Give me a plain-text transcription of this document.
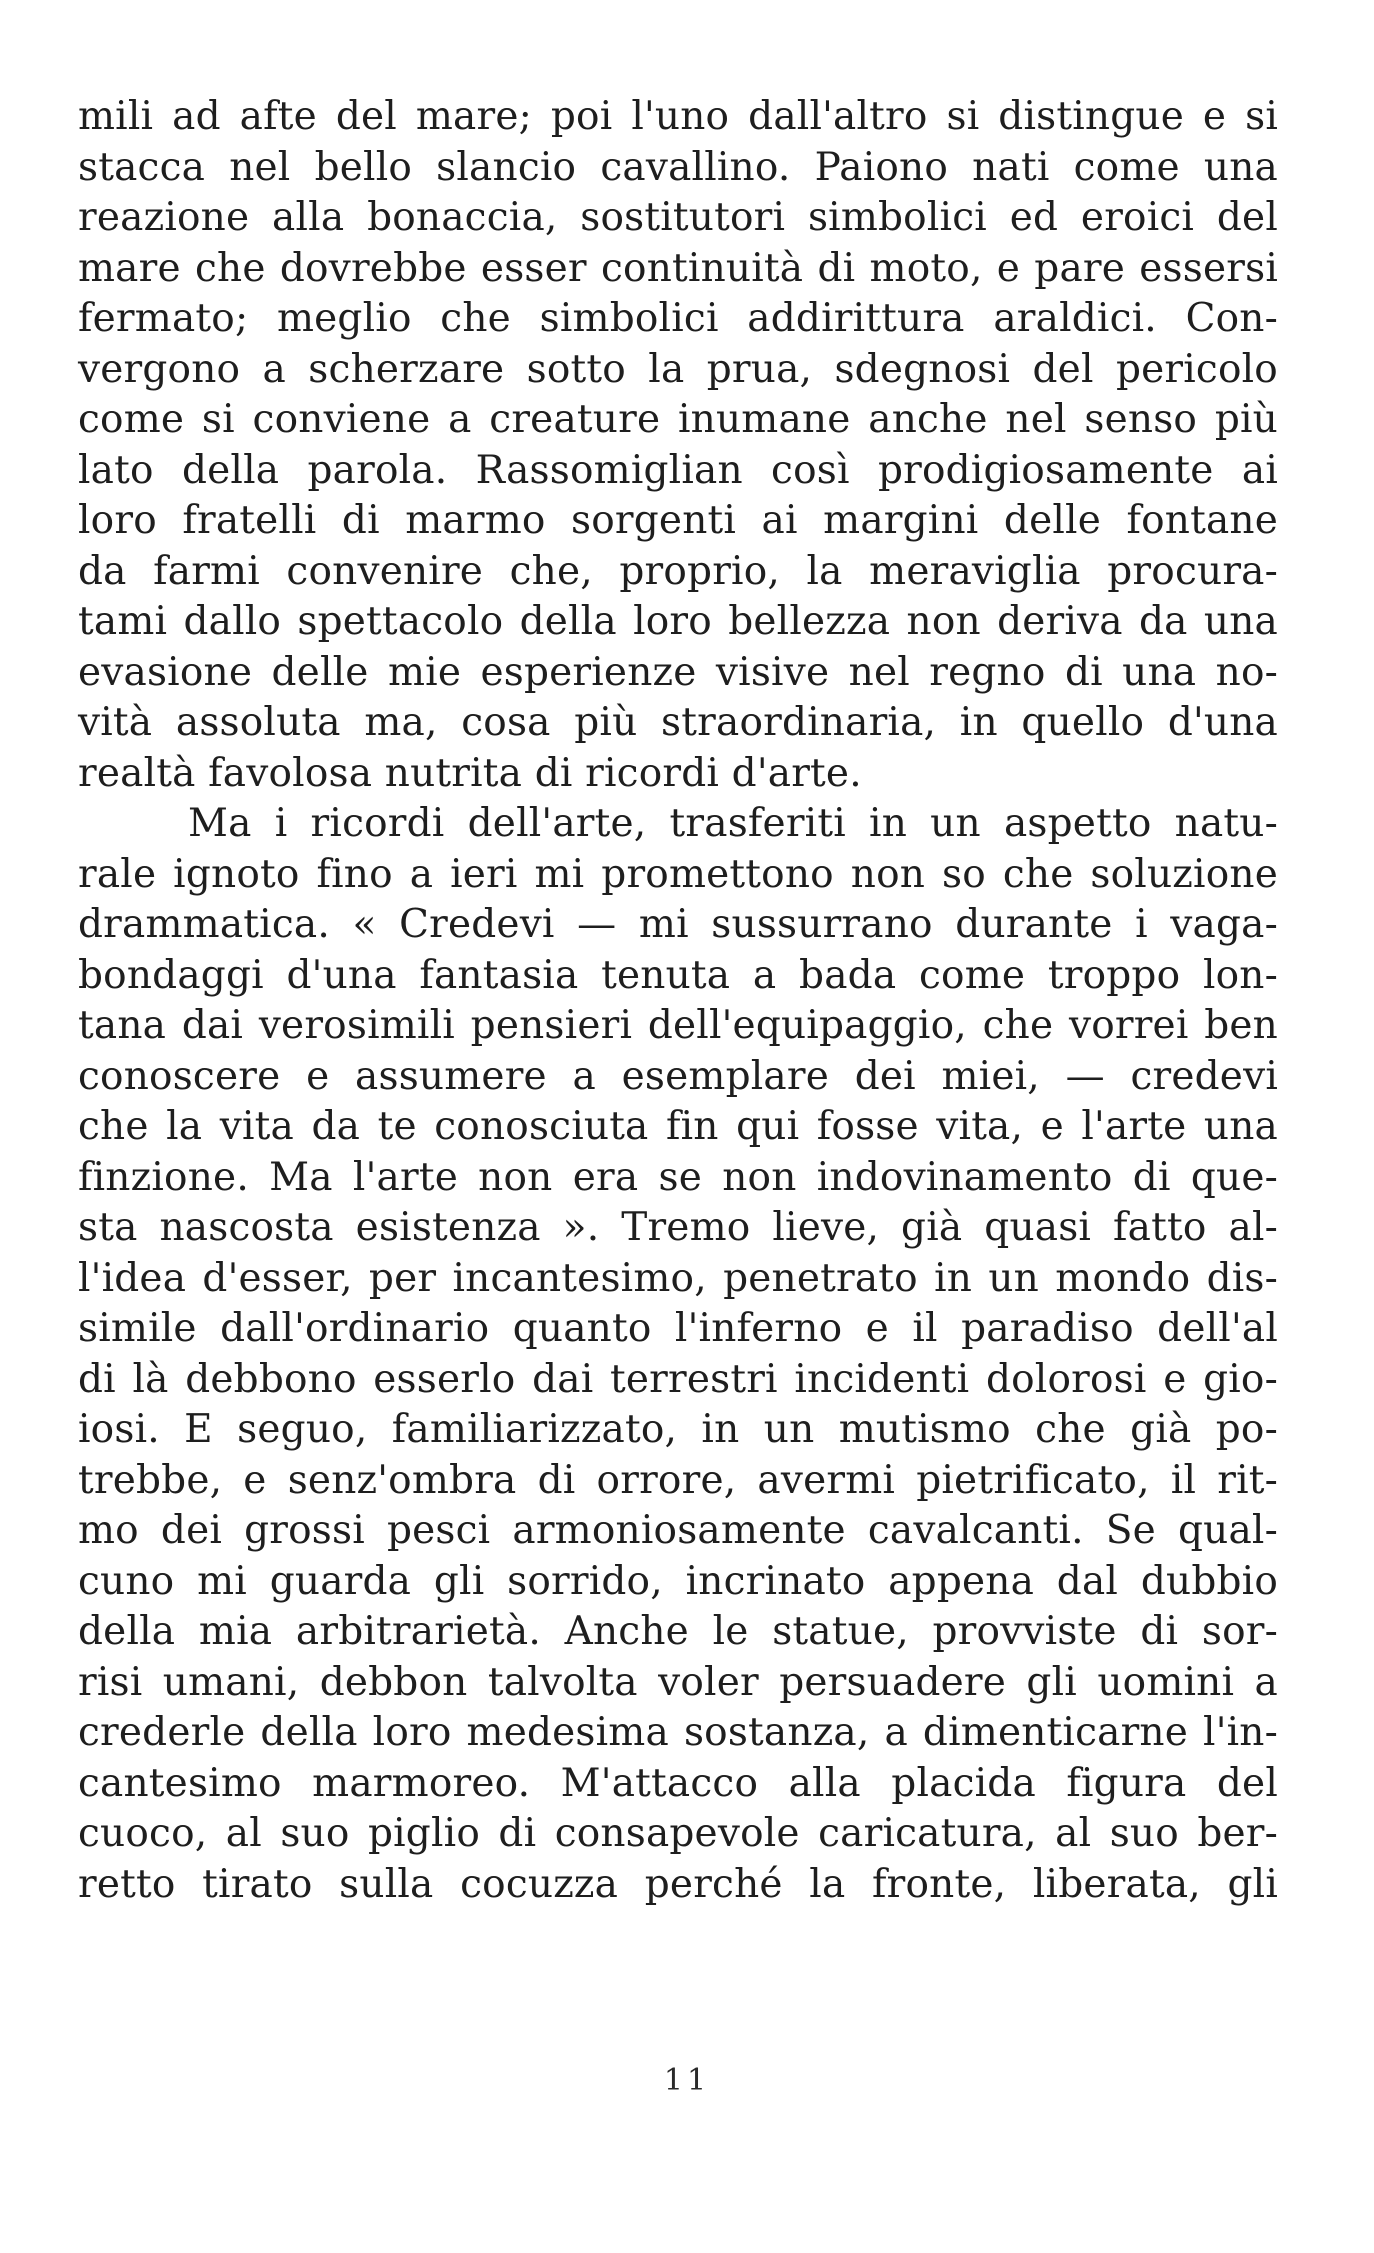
mili ad afte del mare; poi l'uno dall'altro si distingue e si
stacca nel bello slancio cavallino. Paiono nati come una
reazione alla bonaccia, sostitutori simbolici ed eroici del
mare che dovrebbe esser continuità di moto, e pare essersi
fermato; meglio che simbolici addirittura araldici. Con-
vergono a scherzare sotto la prua, sdegnosi del pericolo
come si conviene a creature inumane anche nel senso più
lato della parola. Rassomiglian così prodigiosamente ai
loro fratelli di marmo sorgenti ai margini delle fontane
da farmi convenire che, proprio, la meraviglia procura-
tami dallo spettacolo della loro bellezza non deriva da una
evasione delle mie esperienze visive nel regno di una no-
vità assoluta ma, cosa più straordinaria, in quello d'una
realtà favolosa nutrita di ricordi d'arte.
Ma i ricordi dell'arte, trasferiti in un aspetto natu-
rale ignoto fino a ieri mi promettono non so che soluzione
drammatica. « Credevi — mi sussurrano durante i vaga-
bondaggi d'una fantasia tenuta a bada come troppo lon-
tana dai verosimili pensieri dell'equipaggio, che vorrei ben
conoscere e assumere a esemplare dei miei, — credevi
che la vita da te conosciuta fin qui fosse vita, e l'arte una
finzione. Ma l'arte non era se non indovinamento di que-
sta nascosta esistenza ». Tremo lieve, già quasi fatto al-
l'idea d'esser, per incantesimo, penetrato in un mondo dis-
simile dall'ordinario quanto l'inferno e il paradiso dell'al
di là debbono esserlo dai terrestri incidenti dolorosi e gio-
iosi. E seguo, familiarizzato, in un mutismo che già po-
trebbe, e senz'ombra di orrore, avermi pietrificato, il rit-
mo dei grossi pesci armoniosamente cavalcanti. Se qual-
cuno mi guarda gli sorrido, incrinato appena dal dubbio
della mia arbitrarietà. Anche le statue, provviste di sor-
risi umani, debbon talvolta voler persuadere gli uomini a
crederle della loro medesima sostanza, a dimenticarne l'in-
cantesimo marmoreo. M'attacco alla placida figura del
cuoco, al suo piglio di consapevole caricatura, al suo ber-
retto tirato sulla cocuzza perché la fronte, liberata, gli
11
